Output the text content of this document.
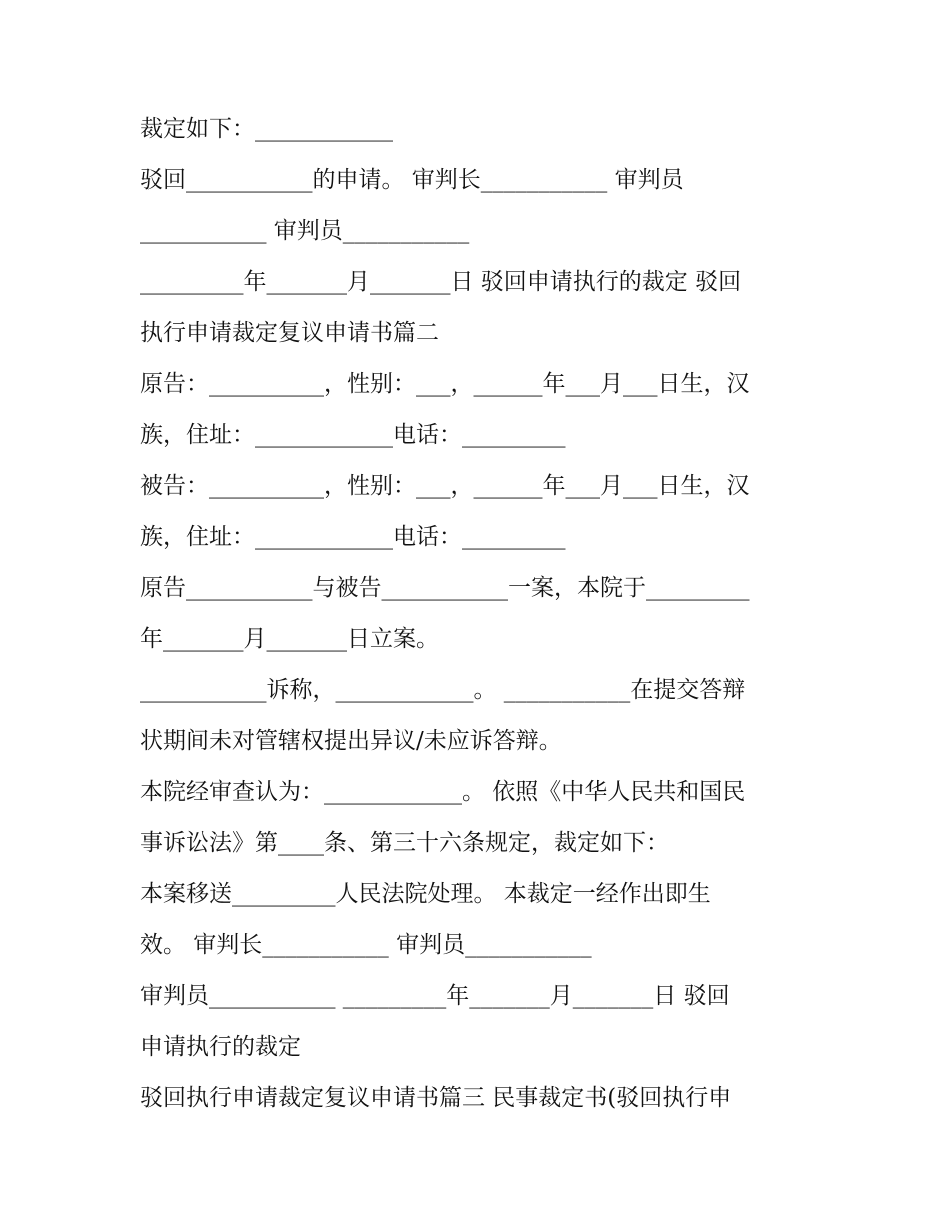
裁定如下：____________

驳回___________的申请。 审判长___________ 审判员

___________ 审判员___________

_________年_______月_______日 驳回申请执行的裁定 驳回

执行申请裁定复议申请书篇二

原告：__________，性别：___，______年___月___日生，汉

族，住址：____________电话：_________

被告：__________，性别：___，______年___月___日生，汉

族，住址：____________电话：_________

原告___________与被告___________一案，本院于_________

年_______月_______日立案。

___________诉称，____________。 ___________在提交答辩

状期间未对管辖权提出异议/未应诉答辩。

本院经审查认为：____________。 依照《中华人民共和国民

事诉讼法》第____条、第三十六条规定，裁定如下：

本案移送_________人民法院处理。 本裁定一经作出即生

效。 审判长___________ 审判员___________

审判员___________ _________年_______月_______日 驳回

申请执行的裁定

驳回执行申请裁定复议申请书篇三 民事裁定书(驳回执行申
